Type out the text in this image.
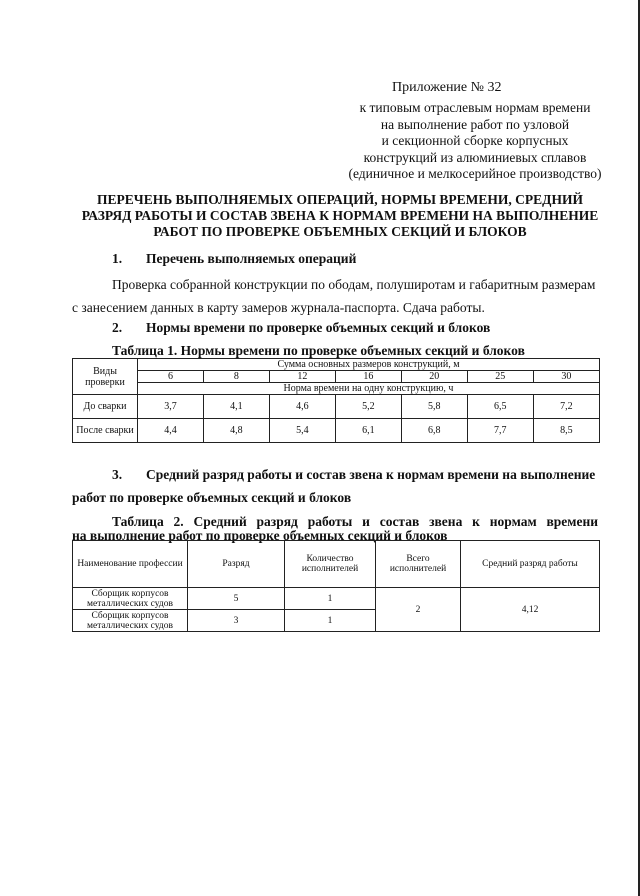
Приложение № 32
к типовым отраслевым нормам времени
на выполнение работ по узловой
и секционной сборке корпусных
конструкций из алюминиевых сплавов
(единичное и мелкосерийное производство)
ПЕРЕЧЕНЬ ВЫПОЛНЯЕМЫХ ОПЕРАЦИЙ, НОРМЫ ВРЕМЕНИ, СРЕДНИЙ
РАЗРЯД РАБОТЫ И СОСТАВ ЗВЕНА К НОРМАМ ВРЕМЕНИ НА ВЫПОЛНЕНИЕ
РАБОТ ПО ПРОВЕРКЕ ОБЪЕМНЫХ СЕКЦИЙ И БЛОКОВ
1. Перечень выполняемых операций
Проверка собранной конструкции по ободам, полуширотам и габаритным размерам
с занесением данных в карту замеров журнала-паспорта. Сдача работы.
2. Нормы времени по проверке объемных секций и блоков
Таблица 1. Нормы времени по проверке объемных секций и блоков
Виды проверки	Сумма основных размеров конструкций, м						
	6	8	12	16	20	25	30
	Норма времени на одну конструкцию, ч						
До сварки	3,7	4,1	4,6	5,2	5,8	6,5	7,2
После сварки	4,4	4,8	5,4	6,1	6,8	7,7	8,5
3. Средний разряд работы и состав звена к нормам времени на выполнение
работ по проверке объемных секций и блоков
Таблица 2. Средний разряд работы и состав звена к нормам времени
на выполнение работ по проверке объемных секций и блоков
Наименование профессии	Разряд	Количество исполнителей	Всего исполнителей	Средний разряд работы
Сборщик корпусов металлических судов	5	1	2	4,12
Сборщик корпусов металлических судов	3	1		
